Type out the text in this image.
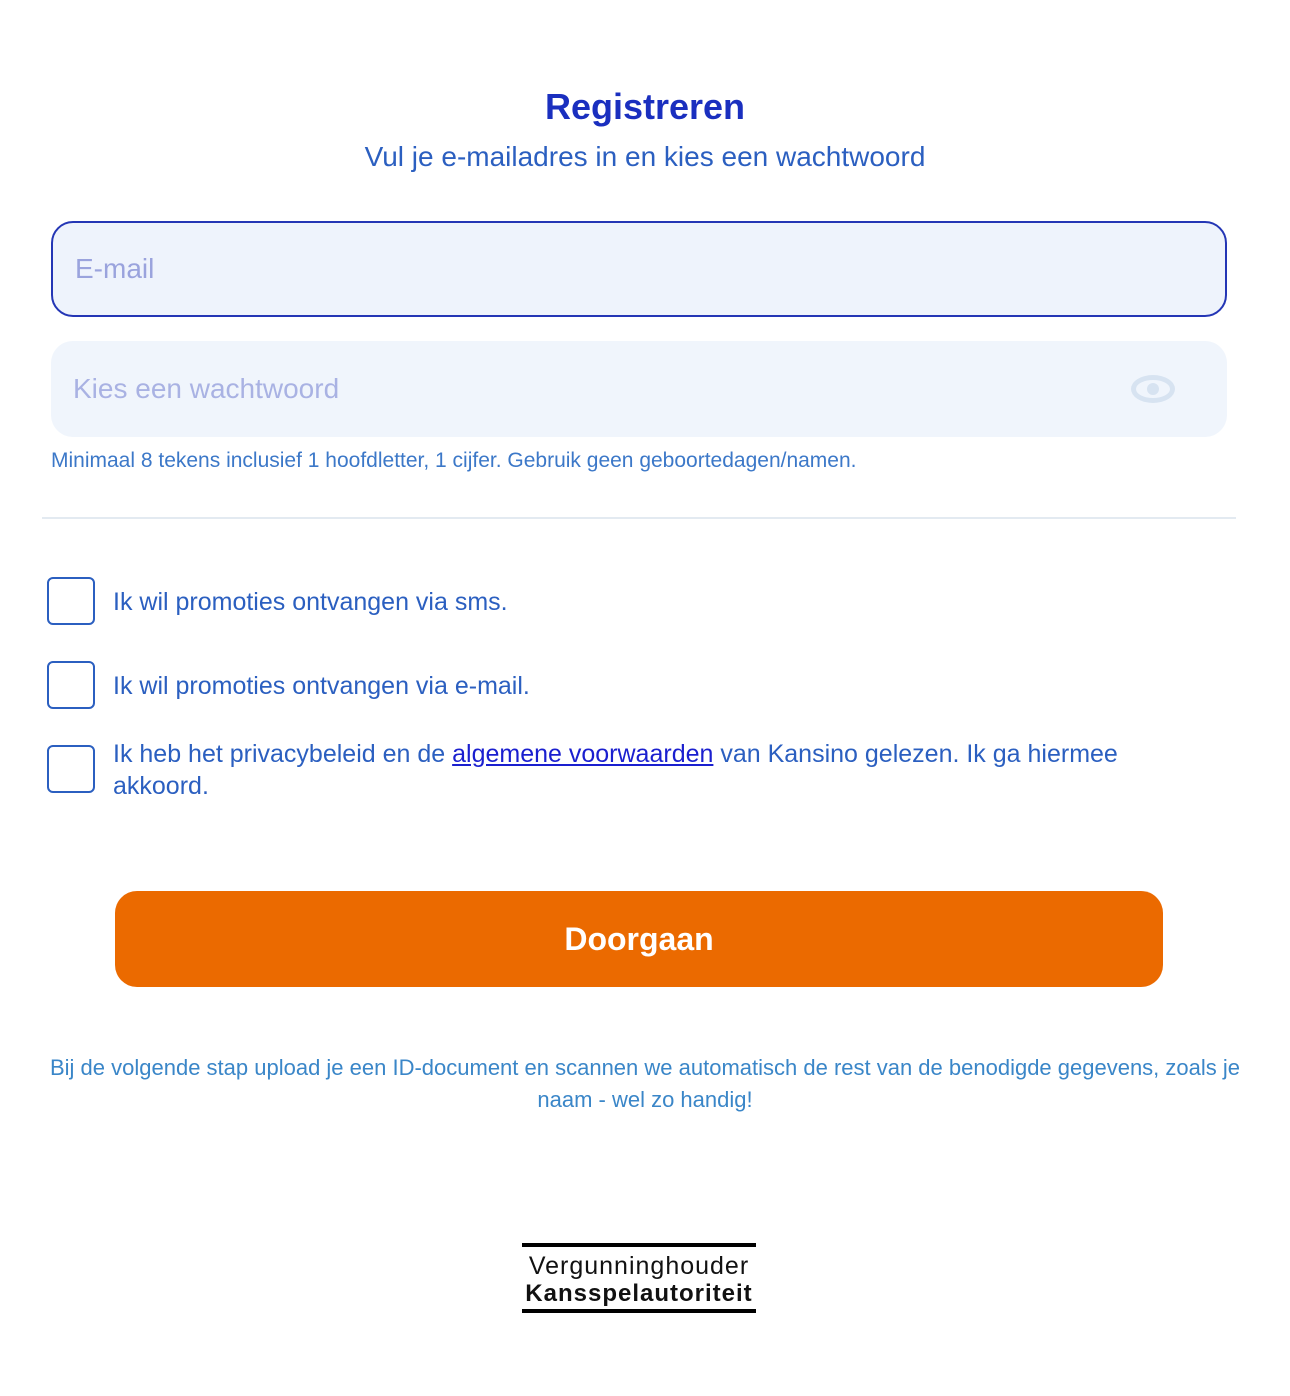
Registreren
Vul je e-mailadres in en kies een wachtwoord
E-mail
Kies een wachtwoord
Minimaal 8 tekens inclusief 1 hoofdletter, 1 cijfer. Gebruik geen geboortedagen/namen.
Ik wil promoties ontvangen via sms.
Ik wil promoties ontvangen via e-mail.
Ik heb het privacybeleid en de algemene voorwaarden van Kansino gelezen. Ik ga hiermee akkoord.
Doorgaan
Bij de volgende stap upload je een ID-document en scannen we automatisch de rest van de benodigde gegevens, zoals je naam - wel zo handig!
Vergunninghouder
Kansspelautoriteit
